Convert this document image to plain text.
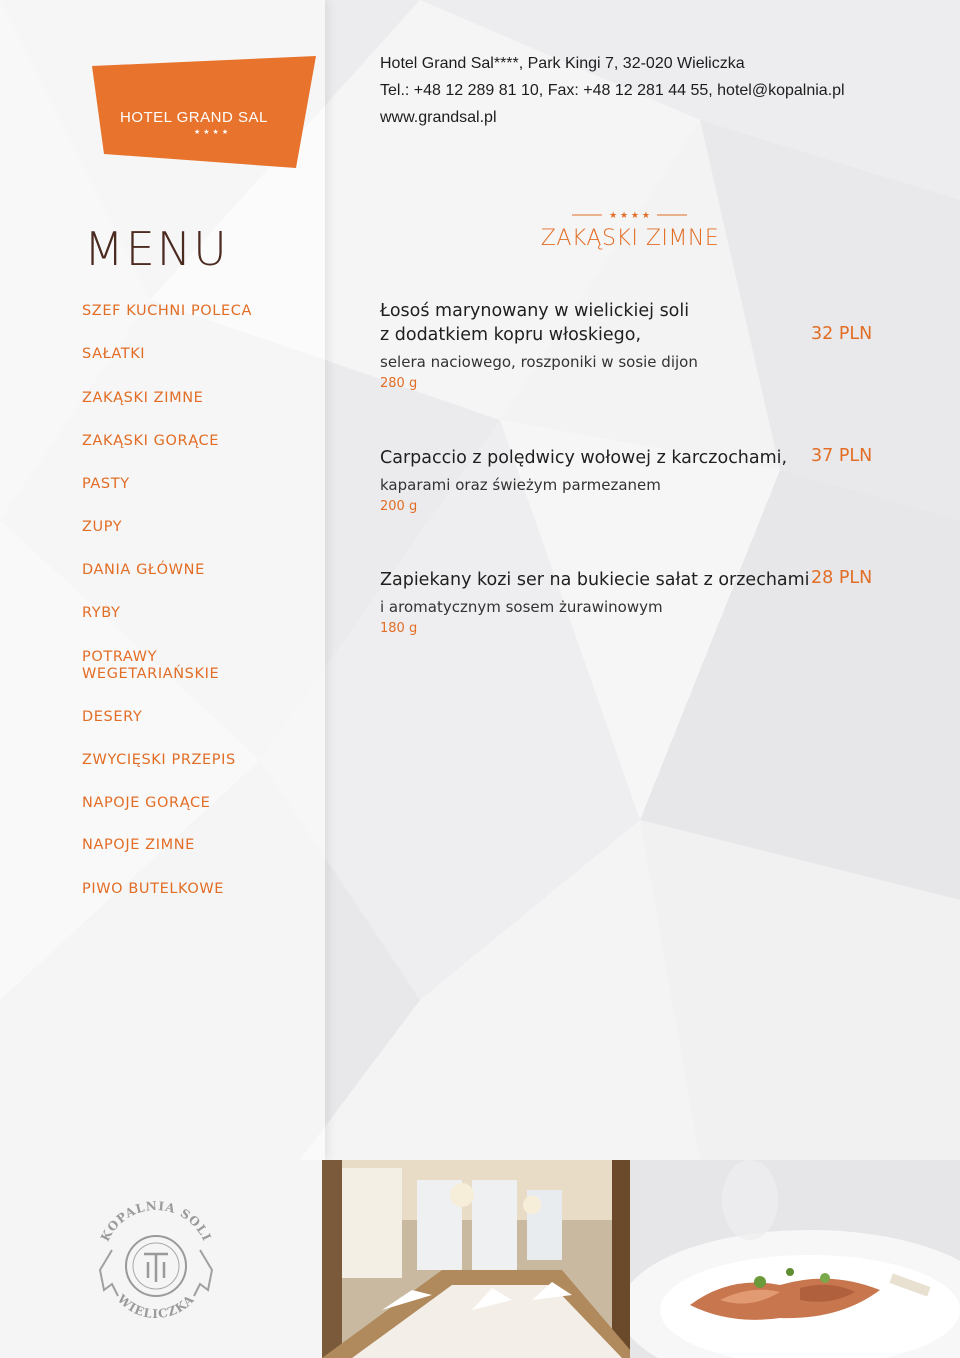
HOTEL GRAND SAL
★★★★
Hotel Grand Sal****, Park Kingi 7, 32-020 Wieliczka
Tel.: +48 12 289 81 10, Fax: +48 12 281 44 55, hotel@kopalnia.pl
www.grandsal.pl
MENU
SZEF KUCHNI POLECA
SAŁATKI
ZAKĄSKI ZIMNE
ZAKĄSKI GORĄCE
PASTY
ZUPY
DANIA GŁÓWNE
RYBY
POTRAWY WEGETARIAŃSKIE
DESERY
ZWYCIĘSKI PRZEPIS
NAPOJE GORĄCE
NAPOJE ZIMNE
PIWO BUTELKOWE
★ ★ ★ ★
ZAKĄSKI ZIMNE
Łosoś marynowany w wielickiej soli
z dodatkiem kopru włoskiego,
selera naciowego, roszponiki w sosie dijon
280 g
32 PLN
Carpaccio z polędwicy wołowej z karczochami,
kaparami oraz świeżym parmezanem
200 g
37 PLN
Zapiekany kozi ser na bukiecie sałat z orzechami
i aromatycznym sosem żurawinowym
180 g
28 PLN
KOPALNIA SOLI
WIELICZKA
